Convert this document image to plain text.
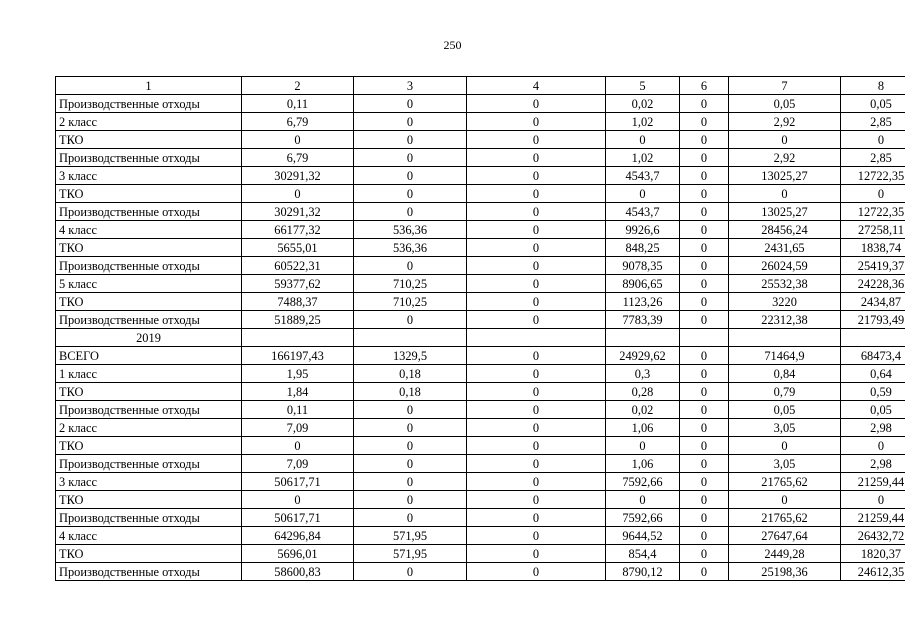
250
1	2	3	4	5	6	7	8
Производственные отходы	0,11	0	0	0,02	0	0,05	0,05
2 класс	6,79	0	0	1,02	0	2,92	2,85
ТКО	0	0	0	0	0	0	0
Производственные отходы	6,79	0	0	1,02	0	2,92	2,85
3 класс	30291,32	0	0	4543,7	0	13025,27	12722,35
ТКО	0	0	0	0	0	0	0
Производственные отходы	30291,32	0	0	4543,7	0	13025,27	12722,35
4 класс	66177,32	536,36	0	9926,6	0	28456,24	27258,11
ТКО	5655,01	536,36	0	848,25	0	2431,65	1838,74
Производственные отходы	60522,31	0	0	9078,35	0	26024,59	25419,37
5 класс	59377,62	710,25	0	8906,65	0	25532,38	24228,36
ТКО	7488,37	710,25	0	1123,26	0	3220	2434,87
Производственные отходы	51889,25	0	0	7783,39	0	22312,38	21793,49
2019							
ВСЕГО	166197,43	1329,5	0	24929,62	0	71464,9	68473,4
1 класс	1,95	0,18	0	0,3	0	0,84	0,64
ТКО	1,84	0,18	0	0,28	0	0,79	0,59
Производственные отходы	0,11	0	0	0,02	0	0,05	0,05
2 класс	7,09	0	0	1,06	0	3,05	2,98
ТКО	0	0	0	0	0	0	0
Производственные отходы	7,09	0	0	1,06	0	3,05	2,98
3 класс	50617,71	0	0	7592,66	0	21765,62	21259,44
ТКО	0	0	0	0	0	0	0
Производственные отходы	50617,71	0	0	7592,66	0	21765,62	21259,44
4 класс	64296,84	571,95	0	9644,52	0	27647,64	26432,72
ТКО	5696,01	571,95	0	854,4	0	2449,28	1820,37
Производственные отходы	58600,83	0	0	8790,12	0	25198,36	24612,35
